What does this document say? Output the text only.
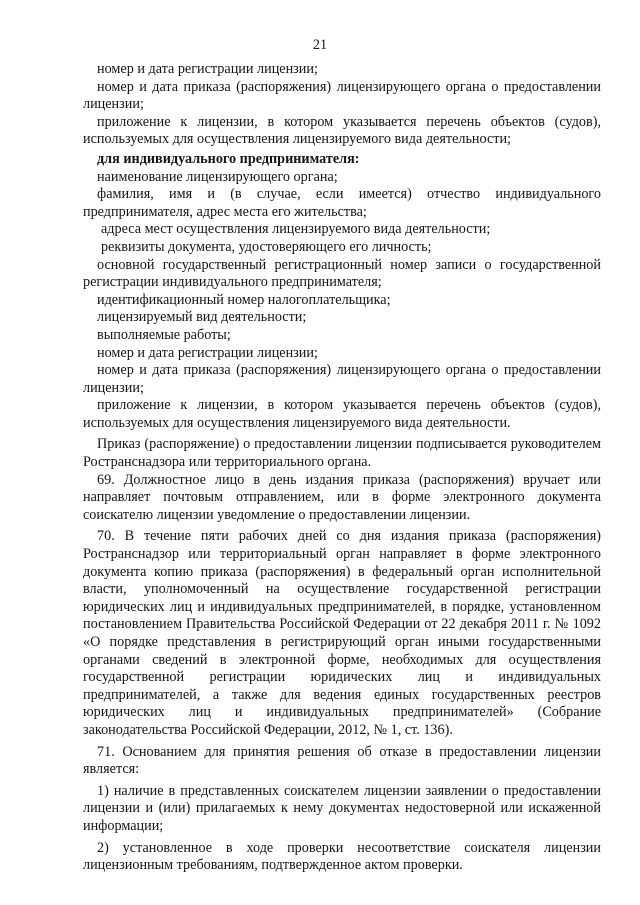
21

номер и дата регистрации лицензии;

номер и дата приказа (распоряжения) лицензирующего органа о предоставлении лицензии;

приложение к лицензии, в котором указывается перечень объектов (судов), используемых для осуществления лицензируемого вида деятельности;

для индивидуального предпринимателя:

наименование лицензирующего органа;

фамилия, имя и (в случае, если имеется) отчество индивидуального предпринимателя, адрес места его жительства;

адреса мест осуществления лицензируемого вида деятельности;

реквизиты документа, удостоверяющего его личность;

основной государственный регистрационный номер записи о государственной регистрации индивидуального предпринимателя;

идентификационный номер налогоплательщика;

лицензируемый вид деятельности;

выполняемые работы;

номер и дата регистрации лицензии;

номер и дата приказа (распоряжения) лицензирующего органа о предоставлении лицензии;

приложение к лицензии, в котором указывается перечень объектов (судов), используемых для осуществления лицензируемого вида деятельности.

Приказ (распоряжение) о предоставлении лицензии подписывается руководителем Ространснадзора или территориального органа.

69. Должностное лицо в день издания приказа (распоряжения) вручает или направляет почтовым отправлением, или в форме электронного документа соискателю лицензии уведомление о предоставлении лицензии.

70. В течение пяти рабочих дней со дня издания приказа (распоряжения) Ространснадзор или территориальный орган направляет в форме электронного документа копию приказа (распоряжения) в федеральный орган исполнительной власти, уполномоченный на осуществление государственной регистрации юридических лиц и индивидуальных предпринимателей, в порядке, установленном постановлением Правительства Российской Федерации от 22 декабря 2011 г. № 1092 «О порядке представления в регистрирующий орган иными государственными органами сведений в электронной форме, необходимых для осуществления государственной регистрации юридических лиц и индивидуальных предпринимателей, а также для ведения единых государственных реестров юридических лиц и индивидуальных предпринимателей» (Собрание законодательства Российской Федерации, 2012, № 1, ст. 136).

71. Основанием для принятия решения об отказе в предоставлении лицензии является:

1) наличие в представленных соискателем лицензии заявлении о предоставлении лицензии и (или) прилагаемых к нему документах недостоверной или искаженной информации;

2) установленное в ходе проверки несоответствие соискателя лицензии лицензионным требованиям, подтвержденное актом проверки.
